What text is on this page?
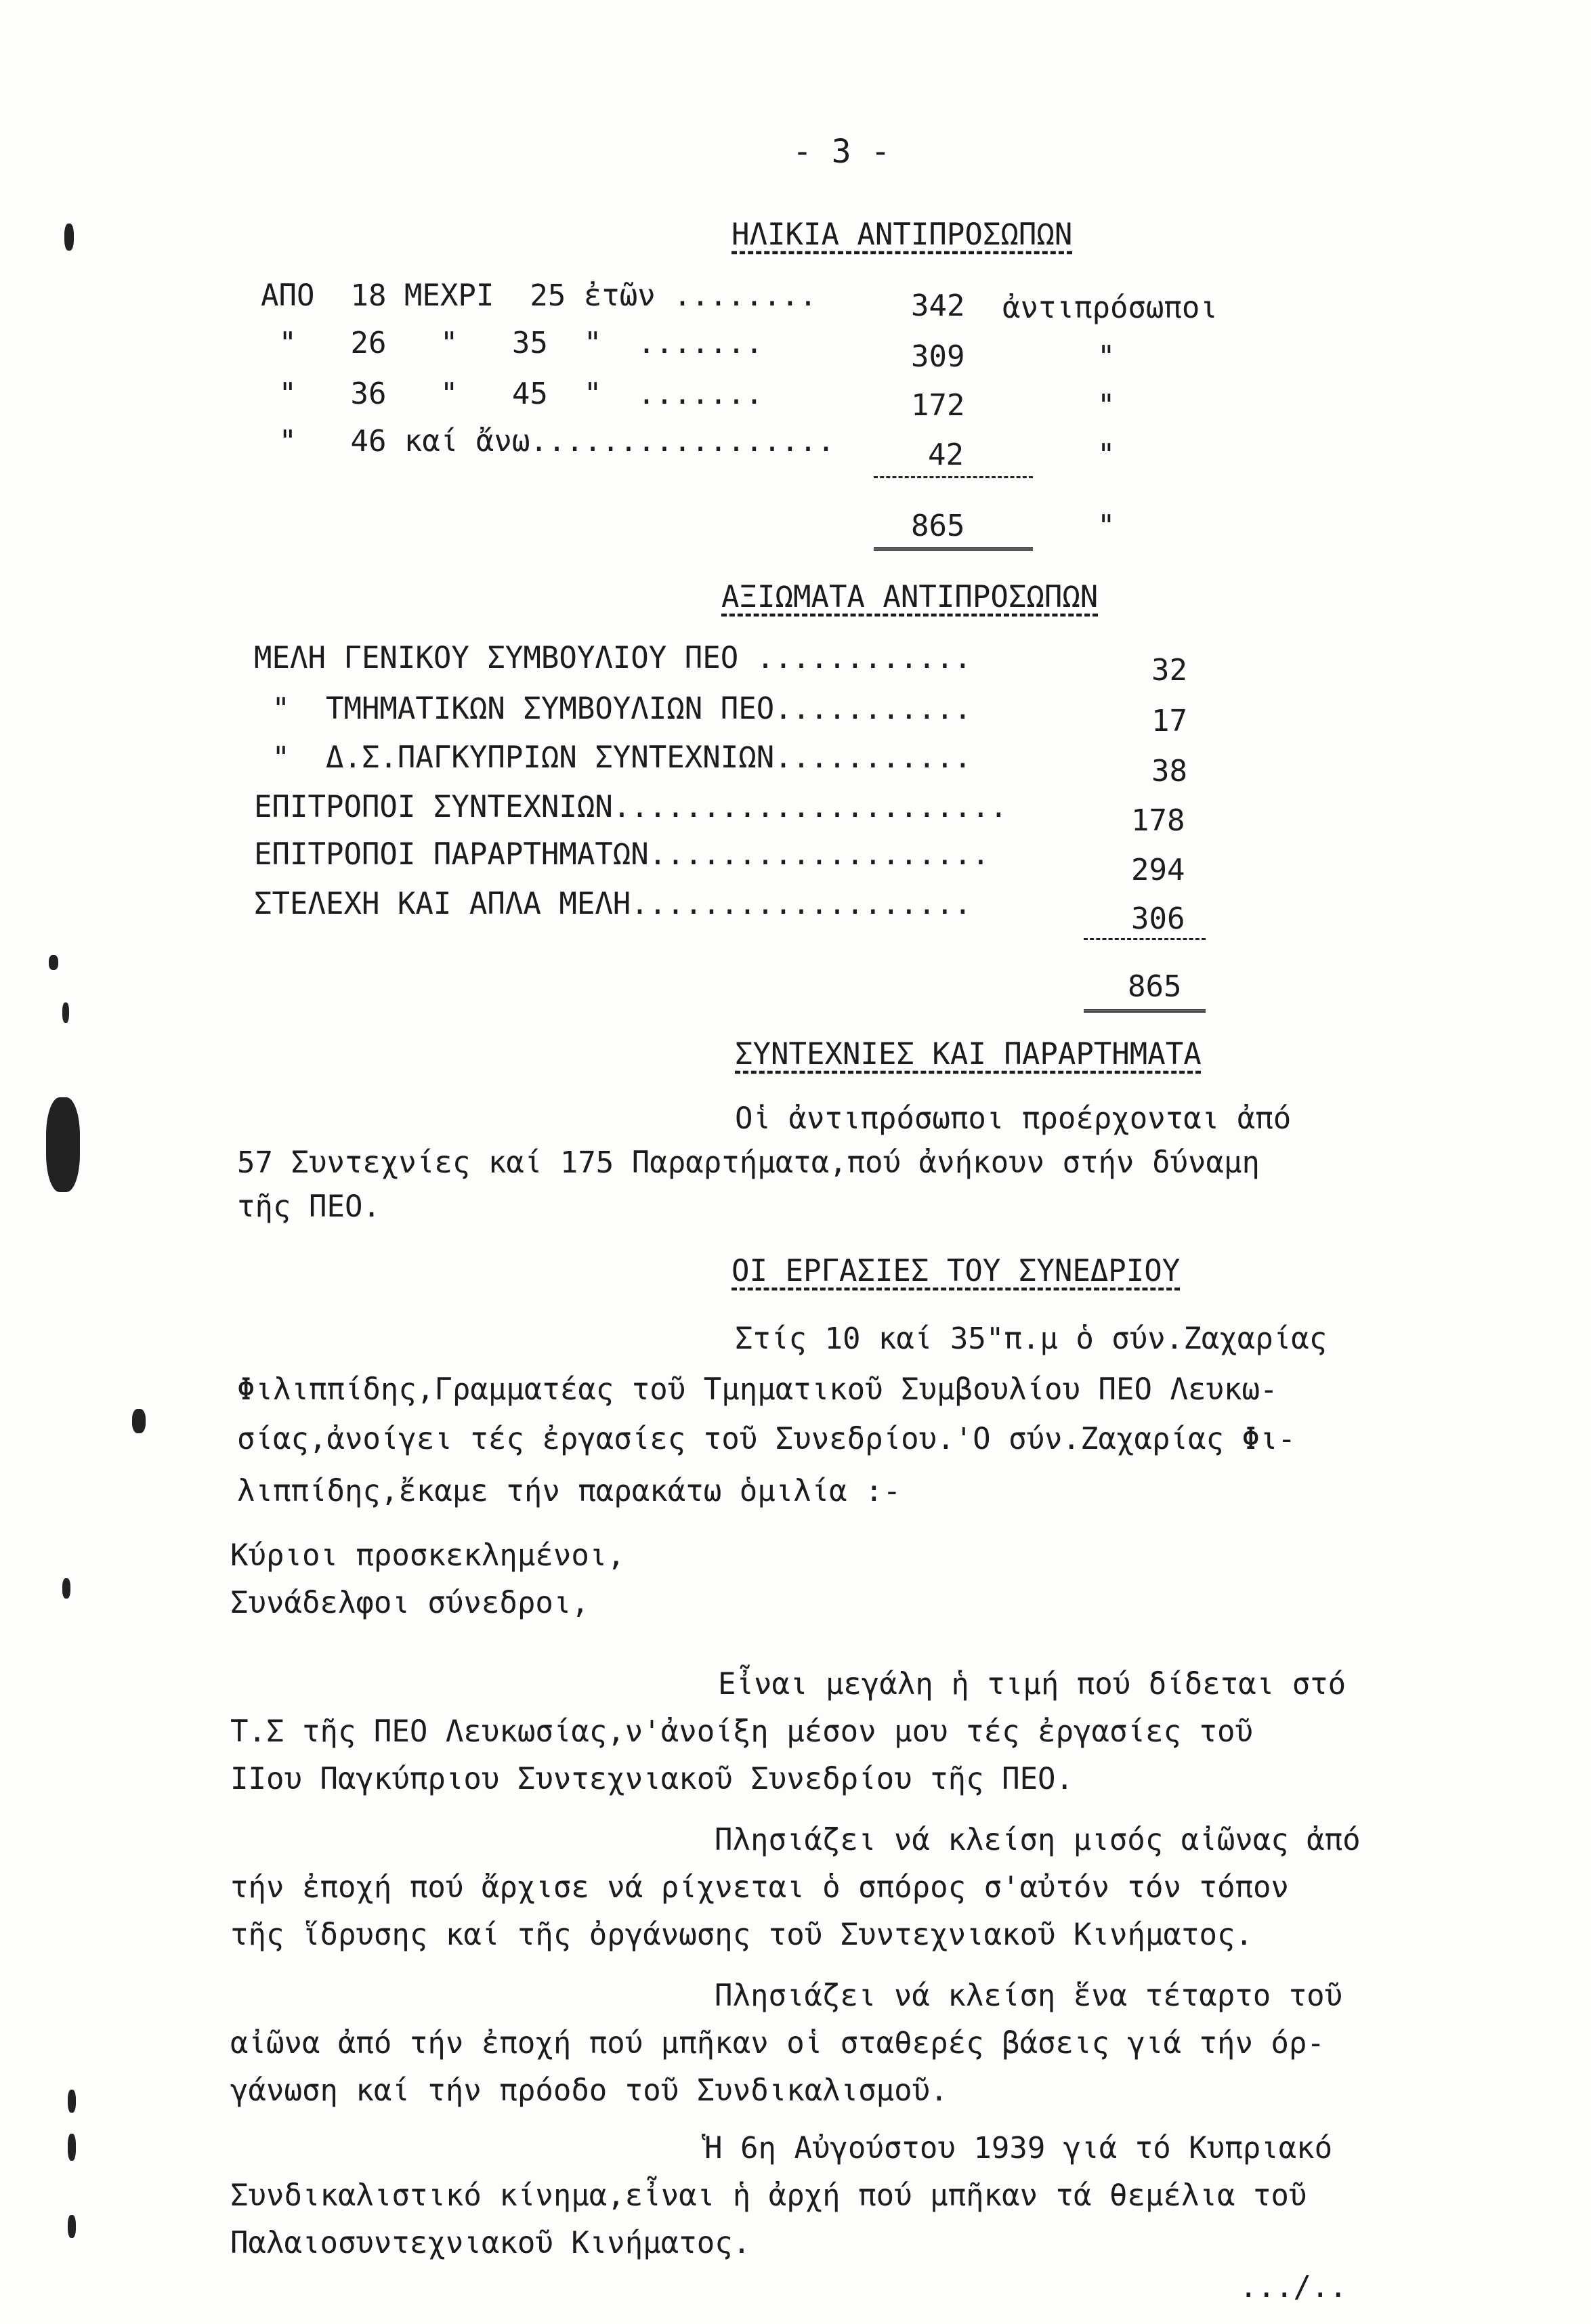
- 3 -
ΗΛΙΚΙΑ ΑΝΤΙΠΡΟΣΩΠΩΝ
ΑΠΟ  18 ΜΕΧΡΙ  25 ἐτῶν ........	342 ἀντιπρόσωποι
"   26   "   35  "  .......	309	"
"   36   "   45  "  .......	172	"
"   46 καί ἄνω.................	42	"
865	"
ΑΞΙΩΜΑΤΑ ΑΝΤΙΠΡΟΣΩΠΩΝ
ΜΕΛΗ ΓΕΝΙΚΟΥ ΣΥΜΒΟΥΛΙΟΥ ΠΕΟ ............	32
"  ΤΜΗΜΑΤΙΚΩΝ ΣΥΜΒΟΥΛΙΩΝ ΠΕΟ...........	17
"  Δ.Σ.ΠΑΓΚΥΠΡΙΩΝ ΣΥΝΤΕΧΝΙΩΝ...........	38
ΕΠΙΤΡΟΠΟΙ ΣΥΝΤΕΧΝΙΩΝ......................	178
ΕΠΙΤΡΟΠΟΙ ΠΑΡΑΡΤΗΜΑΤΩΝ...................	294
ΣΤΕΛΕΧΗ ΚΑΙ ΑΠΛΑ ΜΕΛΗ...................	306
865
ΣΥΝΤΕΧΝΙΕΣ ΚΑΙ ΠΑΡΑΡΤΗΜΑΤΑ
Οἱ ἀντιπρόσωποι προέρχονται ἀπό
57 Συντεχνίες καί 175 Παραρτήματα,πού ἀνήκουν στήν δύναμη
τῆς ΠΕΟ.
ΟΙ ΕΡΓΑΣΙΕΣ ΤΟΥ ΣΥΝΕΔΡΙΟΥ
Στίς 10 καί 35"π.μ ὁ σύν.Ζαχαρίας
Φιλιππίδης,Γραμματέας τοῦ Τμηματικοῦ Συμβουλίου ΠΕΟ Λευκω-
σίας,ἀνοίγει τές ἐργασίες τοῦ Συνεδρίου.'Ο σύν.Ζαχαρίας Φι-
λιππίδης,ἔκαμε τήν παρακάτω ὁμιλία :-
Κύριοι προσκεκλημένοι,
Συνάδελφοι σύνεδροι,
Εἶναι μεγάλη ἡ τιμή πού δίδεται στό
Τ.Σ τῆς ΠΕΟ Λευκωσίας,ν'ἀνοίξη μέσον μου τές ἐργασίες τοῦ
ΙΙου Παγκύπριου Συντεχνιακοῦ Συνεδρίου τῆς ΠΕΟ.
Πλησιάζει νά κλείση μισός αἰῶνας ἀπό
τήν ἐποχή πού ἄρχισε νά ρίχνεται ὁ σπόρος σ'αὐτόν τόν τόπον
τῆς ἵδρυσης καί τῆς ὀργάνωσης τοῦ Συντεχνιακοῦ Κινήματος.
Πλησιάζει νά κλείση ἕνα τέταρτο τοῦ
αἰῶνα ἀπό τήν ἐποχή πού μπῆκαν οἱ σταθερές βάσεις γιά τήν όρ-
γάνωση καί τήν πρόοδο τοῦ Συνδικαλισμοῦ.
Ἡ 6η Αὐγούστου 1939 γιά τό Κυπριακό
Συνδικαλιστικό κίνημα,εἶναι ἡ ἀρχή πού μπῆκαν τά θεμέλια τοῦ
Παλαιοσυντεχνιακοῦ Κινήματος.
.../..
